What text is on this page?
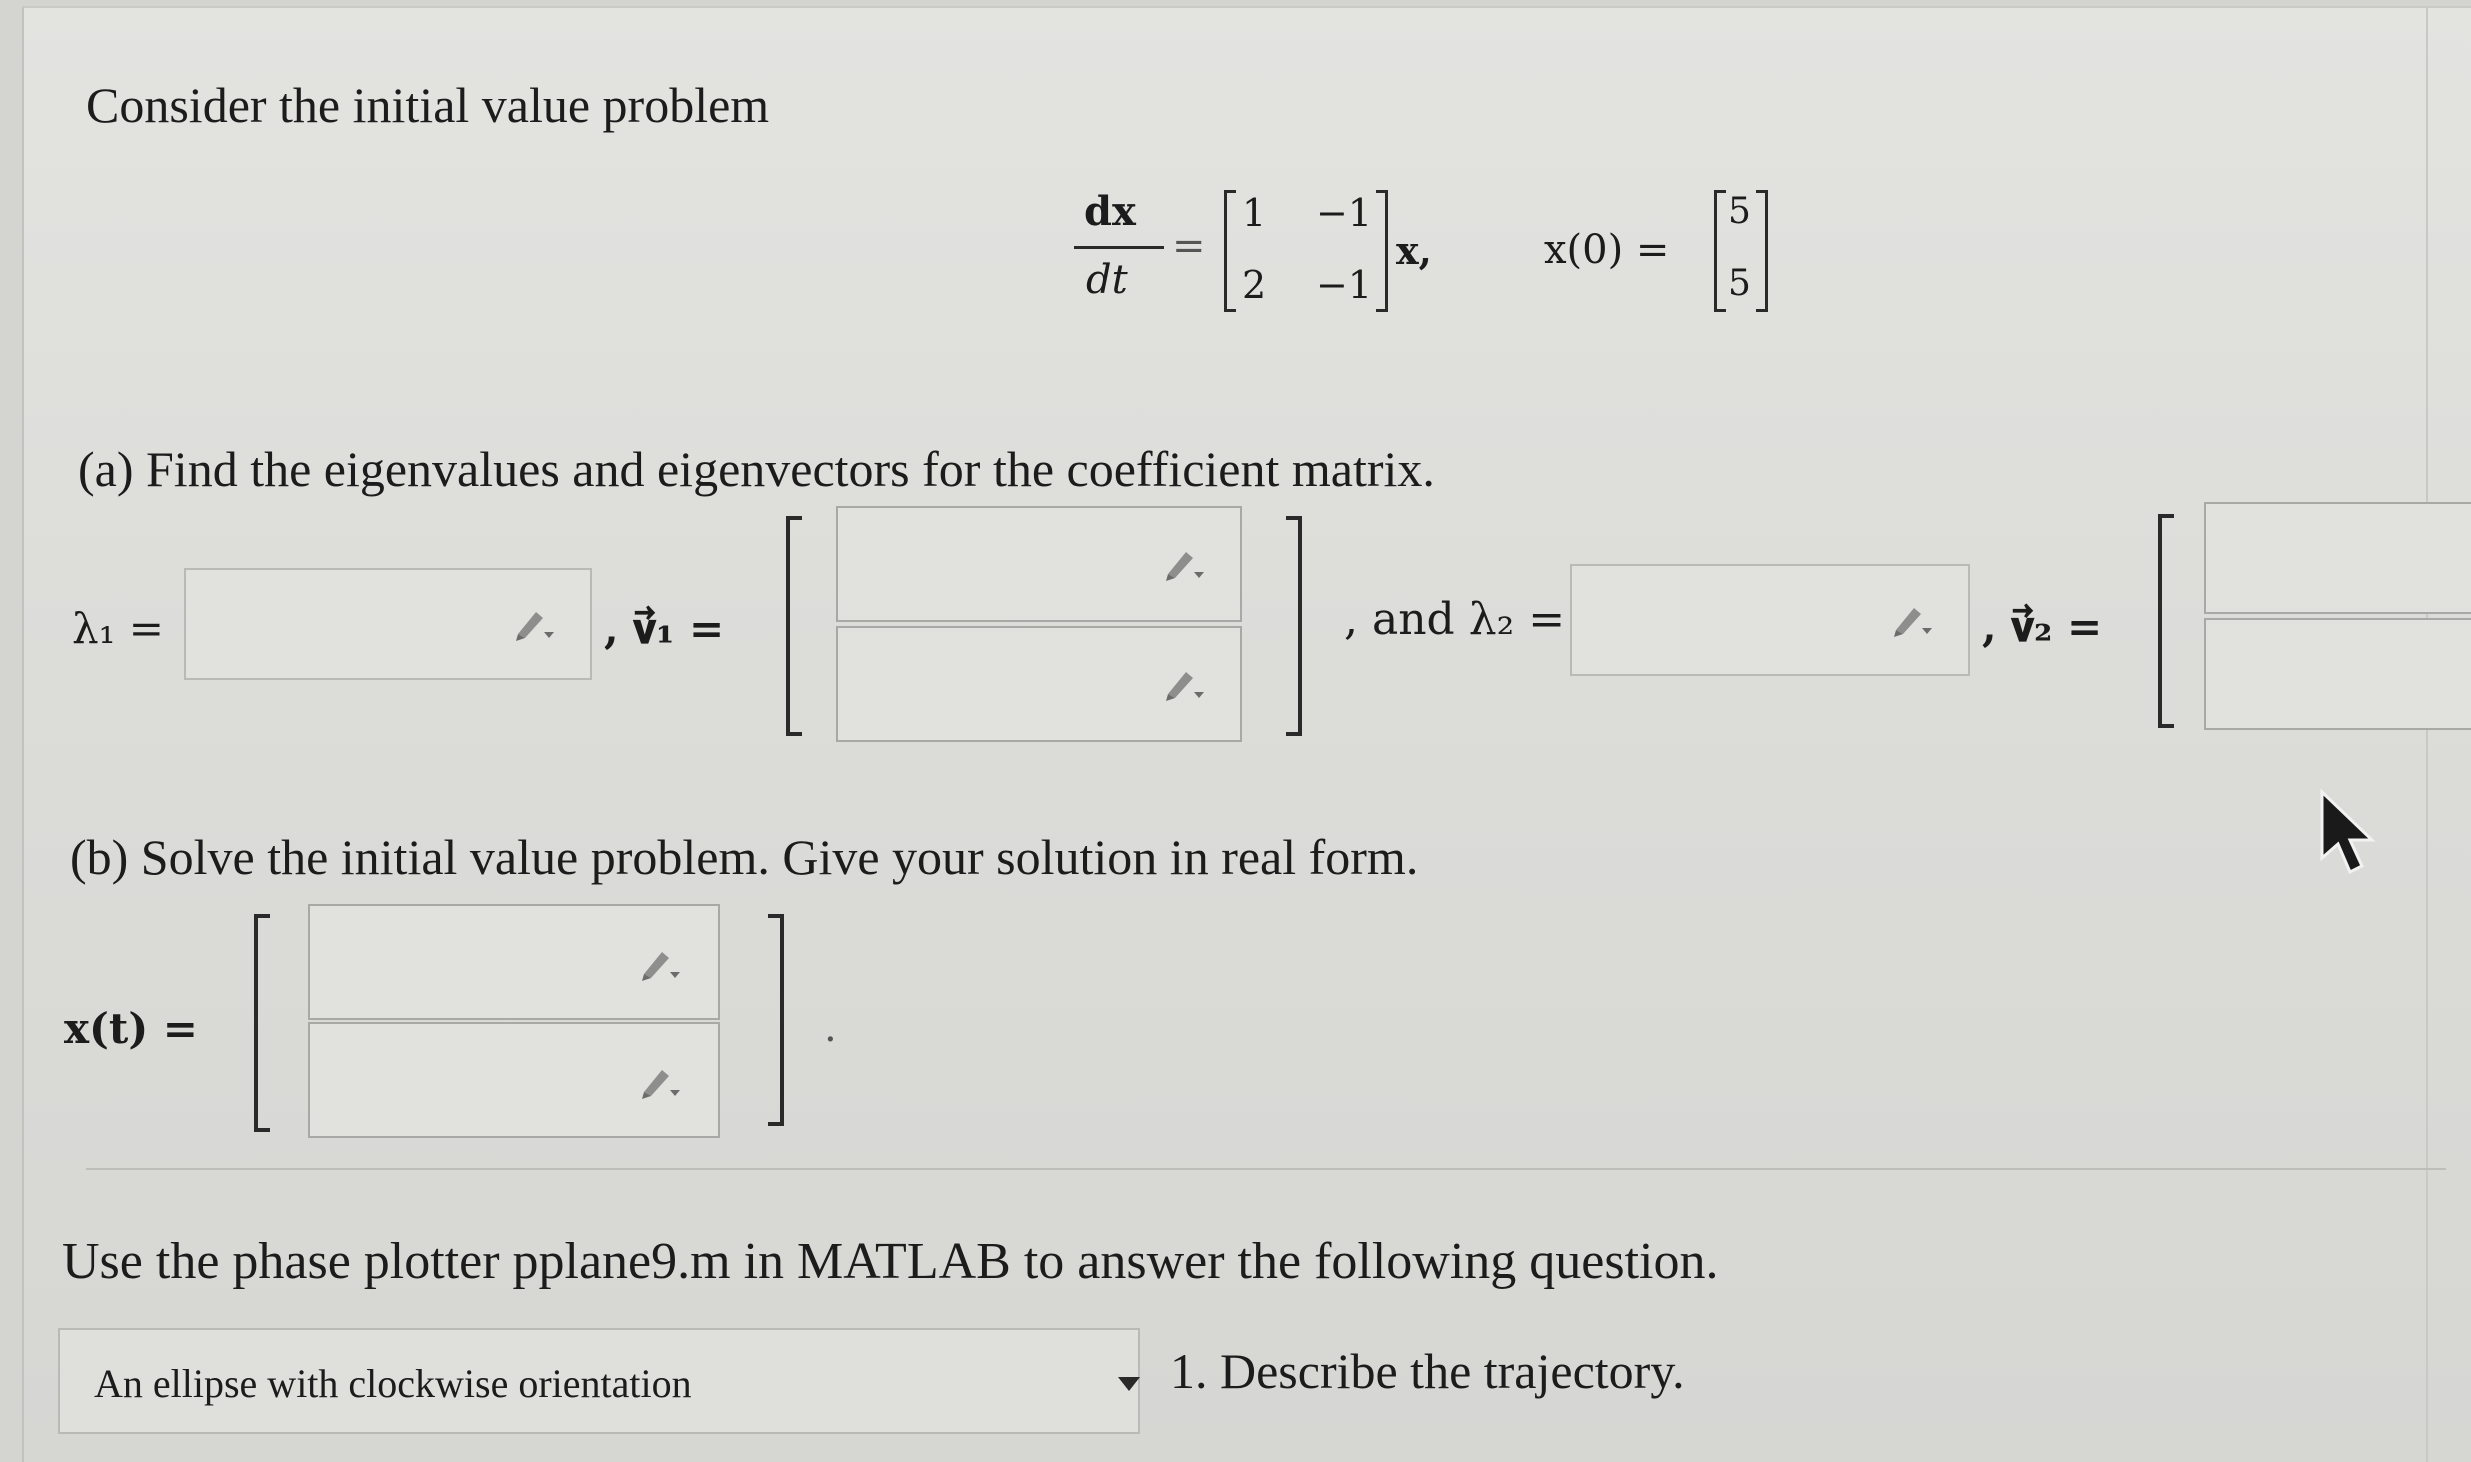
Consider the initial value problem
dx
dt
=
1 −1
2 −1
x,	x(0) =
5
5
(a) Find the eigenvalues and eigenvectors for the coefficient matrix.
λ₁ =	, 𝐯⃗₁ =	, and λ₂ =	, 𝐯⃗₂ =
(b) Solve the initial value problem. Give your solution in real form.
x(t) =	.
Use the phase plotter pplane9.m in MATLAB to answer the following question.
An ellipse with clockwise orientation	1. Describe the trajectory.
